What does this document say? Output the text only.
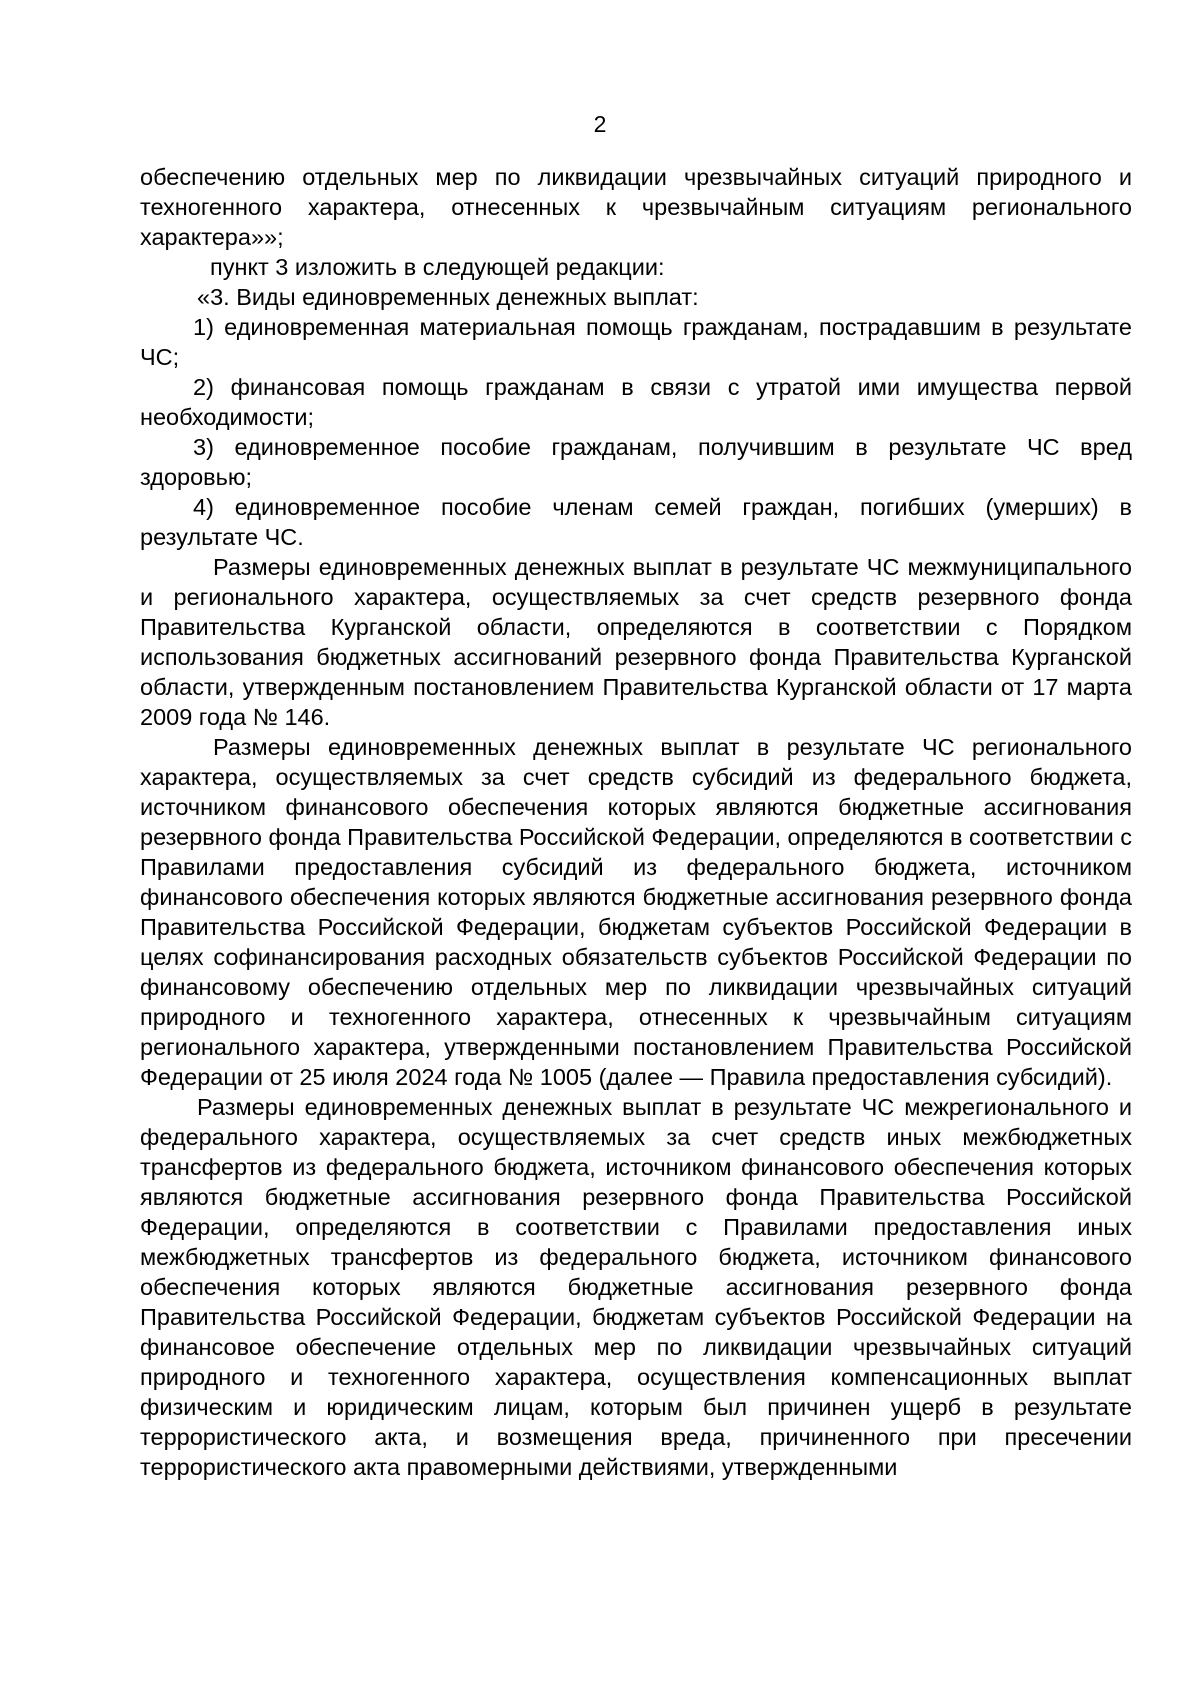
2

обеспечению отдельных мер по ликвидации чрезвычайных ситуаций природного и техногенного характера, отнесенных к чрезвычайным ситуациям регионального характера»»;

пункт 3 изложить в следующей редакции:

«3. Виды единовременных денежных выплат:

1) единовременная материальная помощь гражданам, пострадавшим в результате ЧС;

2) финансовая помощь гражданам в связи с утратой ими имущества первой необходимости;

3) единовременное пособие гражданам, получившим в результате ЧС вред здоровью;

4) единовременное пособие членам семей граждан, погибших (умерших) в результате ЧС.

Размеры единовременных денежных выплат в результате ЧС межмуниципального и регионального характера, осуществляемых за счет средств резервного фонда Правительства Курганской области, определяются в соответствии с Порядком использования бюджетных ассигнований резервного фонда Правительства Курганской области, утвержденным постановлением Правительства Курганской области от 17 марта 2009 года № 146.

Размеры единовременных денежных выплат в результате ЧС регионального характера, осуществляемых за счет средств субсидий из федерального бюджета, источником финансового обеспечения которых являются бюджетные ассигнования резервного фонда Правительства Российской Федерации, определяются в соответствии с Правилами предоставления субсидий из федерального бюджета, источником финансового обеспечения которых являются бюджетные ассигнования резервного фонда Правительства Российской Федерации, бюджетам субъектов Российской Федерации в целях софинансирования расходных обязательств субъектов Российской Федерации по финансовому обеспечению отдельных мер по ликвидации чрезвычайных ситуаций природного и техногенного характера, отнесенных к чрезвычайным ситуациям регионального характера, утвержденными постановлением Правительства Российской Федерации от 25 июля 2024 года № 1005 (далее — Правила предоставления субсидий).

Размеры единовременных денежных выплат в результате ЧС межрегионального и федерального характера, осуществляемых за счет средств иных межбюджетных трансфертов из федерального бюджета, источником финансового обеспечения которых являются бюджетные ассигнования резервного фонда Правительства Российской Федерации, определяются в соответствии с Правилами предоставления иных межбюджетных трансфертов из федерального бюджета, источником финансового обеспечения которых являются бюджетные ассигнования резервного фонда Правительства Российской Федерации, бюджетам субъектов Российской Федерации на финансовое обеспечение отдельных мер по ликвидации чрезвычайных ситуаций природного и техногенного характера, осуществления компенсационных выплат физическим и юридическим лицам, которым был причинен ущерб в результате террористического акта, и возмещения вреда, причиненного при пресечении террористического акта правомерными действиями, утвержденными
